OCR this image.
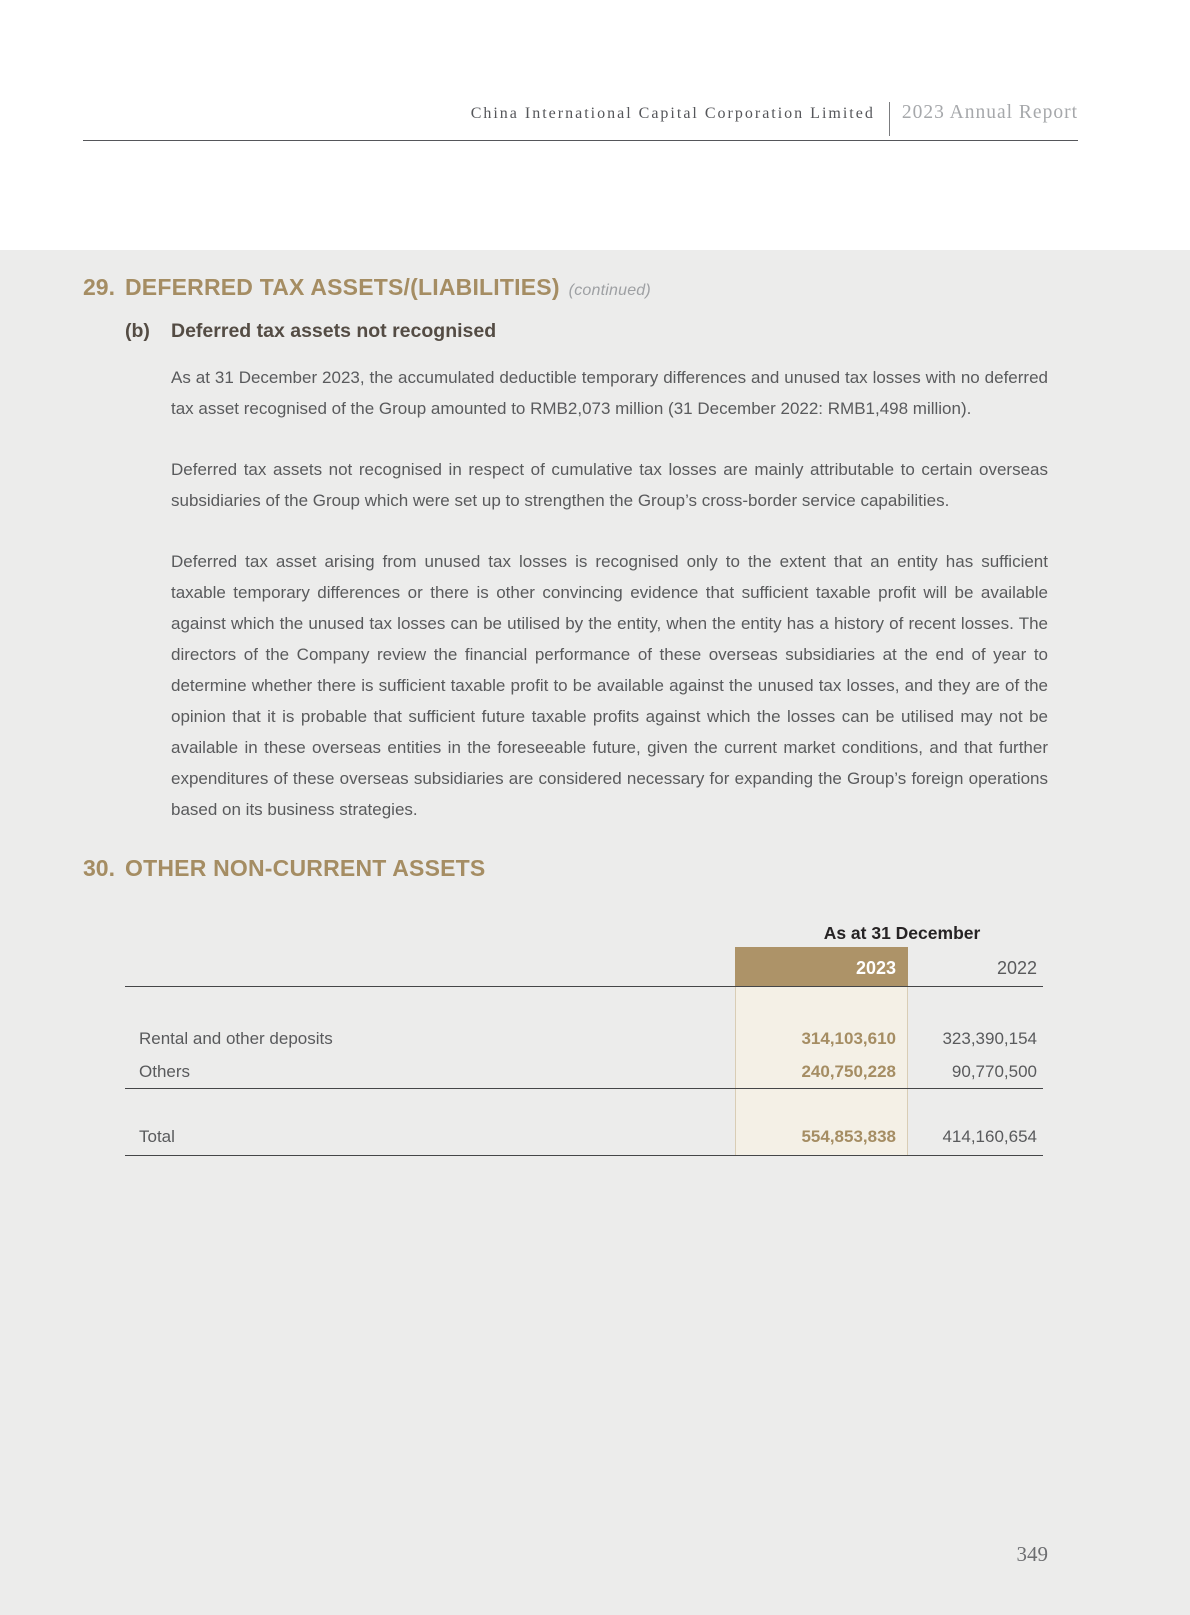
China International Capital Corporation Limited 2023 Annual Report
29. DEFERRED TAX ASSETS/(LIABILITIES) (continued)
(b)	Deferred tax assets not recognised

As at 31 December 2023, the accumulated deductible temporary differences and unused tax losses with no deferred tax asset recognised of the Group amounted to RMB2,073 million (31 December 2022: RMB1,498 million).

Deferred tax assets not recognised in respect of cumulative tax losses are mainly attributable to certain overseas subsidiaries of the Group which were set up to strengthen the Group’s cross-border service capabilities.

Deferred tax asset arising from unused tax losses is recognised only to the extent that an entity has sufficient taxable temporary differences or there is other convincing evidence that sufficient taxable profit will be available against which the unused tax losses can be utilised by the entity, when the entity has a history of recent losses. The directors of the Company review the financial performance of these overseas subsidiaries at the end of year to determine whether there is sufficient taxable profit to be available against the unused tax losses, and they are of the opinion that it is probable that sufficient future taxable profits against which the losses can be utilised may not be available in these overseas entities in the foreseeable future, given the current market conditions, and that further expenditures of these overseas subsidiaries are considered necessary for expanding the Group’s foreign operations based on its business strategies.

30. OTHER NON-CURRENT ASSETS
As at 31 December
2023	2022
Rental and other deposits	314,103,610	323,390,154
Others	240,750,228	90,770,500
Total	554,853,838	414,160,654
349
